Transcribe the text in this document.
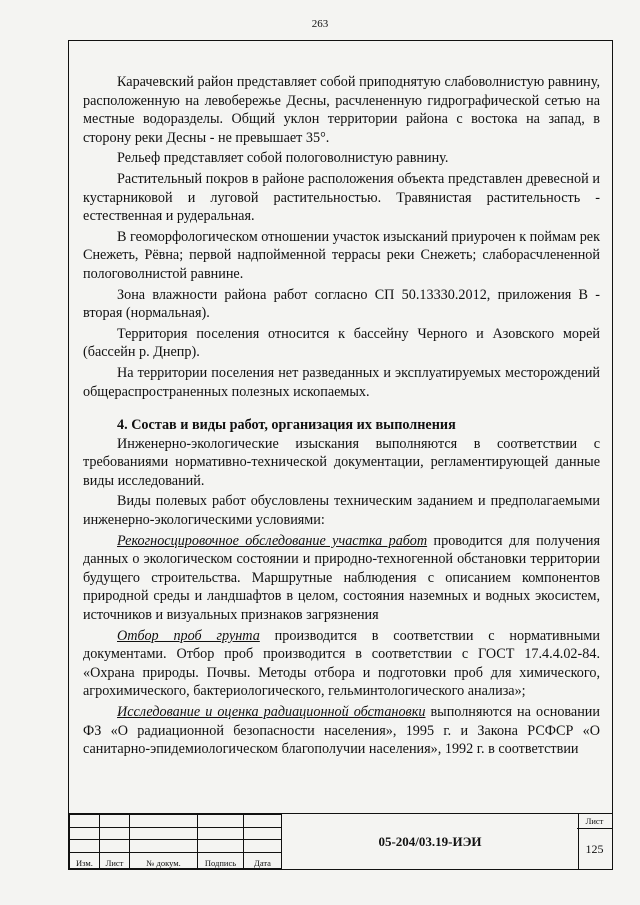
263

Карачевский район представляет собой приподнятую слабоволнистую равнину, расположенную на левобережье Десны, расчлененную гидрографической сетью на местные водоразделы. Общий уклон территории района с востока на запад, в сторону реки Десны - не превышает 35°.

Рельеф представляет собой пологоволнистую равнину.

Растительный покров в районе расположения объекта представлен древесной и кустарниковой и луговой растительностью. Травянистая растительность - естественная и рудеральная.

В геоморфологическом отношении участок изысканий приурочен к поймам рек Снежеть, Рёвна; первой надпойменной террасы реки Снежеть; слаборасчлененной пологоволнистой равнине.

Зона влажности района работ согласно СП 50.13330.2012, приложения В - вторая (нормальная).

Территория поселения относится к бассейну Черного и Азовского морей (бассейн р. Днепр).

На территории поселения нет разведанных и эксплуатируемых месторождений общераспространенных полезных ископаемых.

4. Состав и виды работ, организация их выполнения

Инженерно-экологические изыскания выполняются в соответствии с требованиями нормативно-технической документации, регламентирующей данные виды исследований.

Виды полевых работ обусловлены техническим заданием и предполагаемыми инженерно-экологическими условиями:

Рекогносцировочное обследование участка работ проводится для получения данных о экологическом состоянии и природно-техногенной обстановки территории будущего строительства. Маршрутные наблюдения с описанием компонентов природной среды и ландшафтов в целом, состояния наземных и водных экосистем, источников и визуальных признаков загрязнения

Отбор проб грунта производится в соответствии с нормативными документами. Отбор проб производится в соответствии с ГОСТ 17.4.4.02-84. «Охрана природы. Почвы. Методы отбора и подготовки проб для химического, агрохимического, бактериологического, гельминтологического анализа»;

Исследование и оценка радиационной обстановки выполняются на основании ФЗ «О радиационной безопасности населения», 1995 г. и Закона РСФСР «О санитарно-эпидемиологическом благополучии населения», 1992 г. в соответствии

Изм.	Лист	№ докум.	Подпись	Дата
05-204/03.19-ИЭИ
Лист
125
